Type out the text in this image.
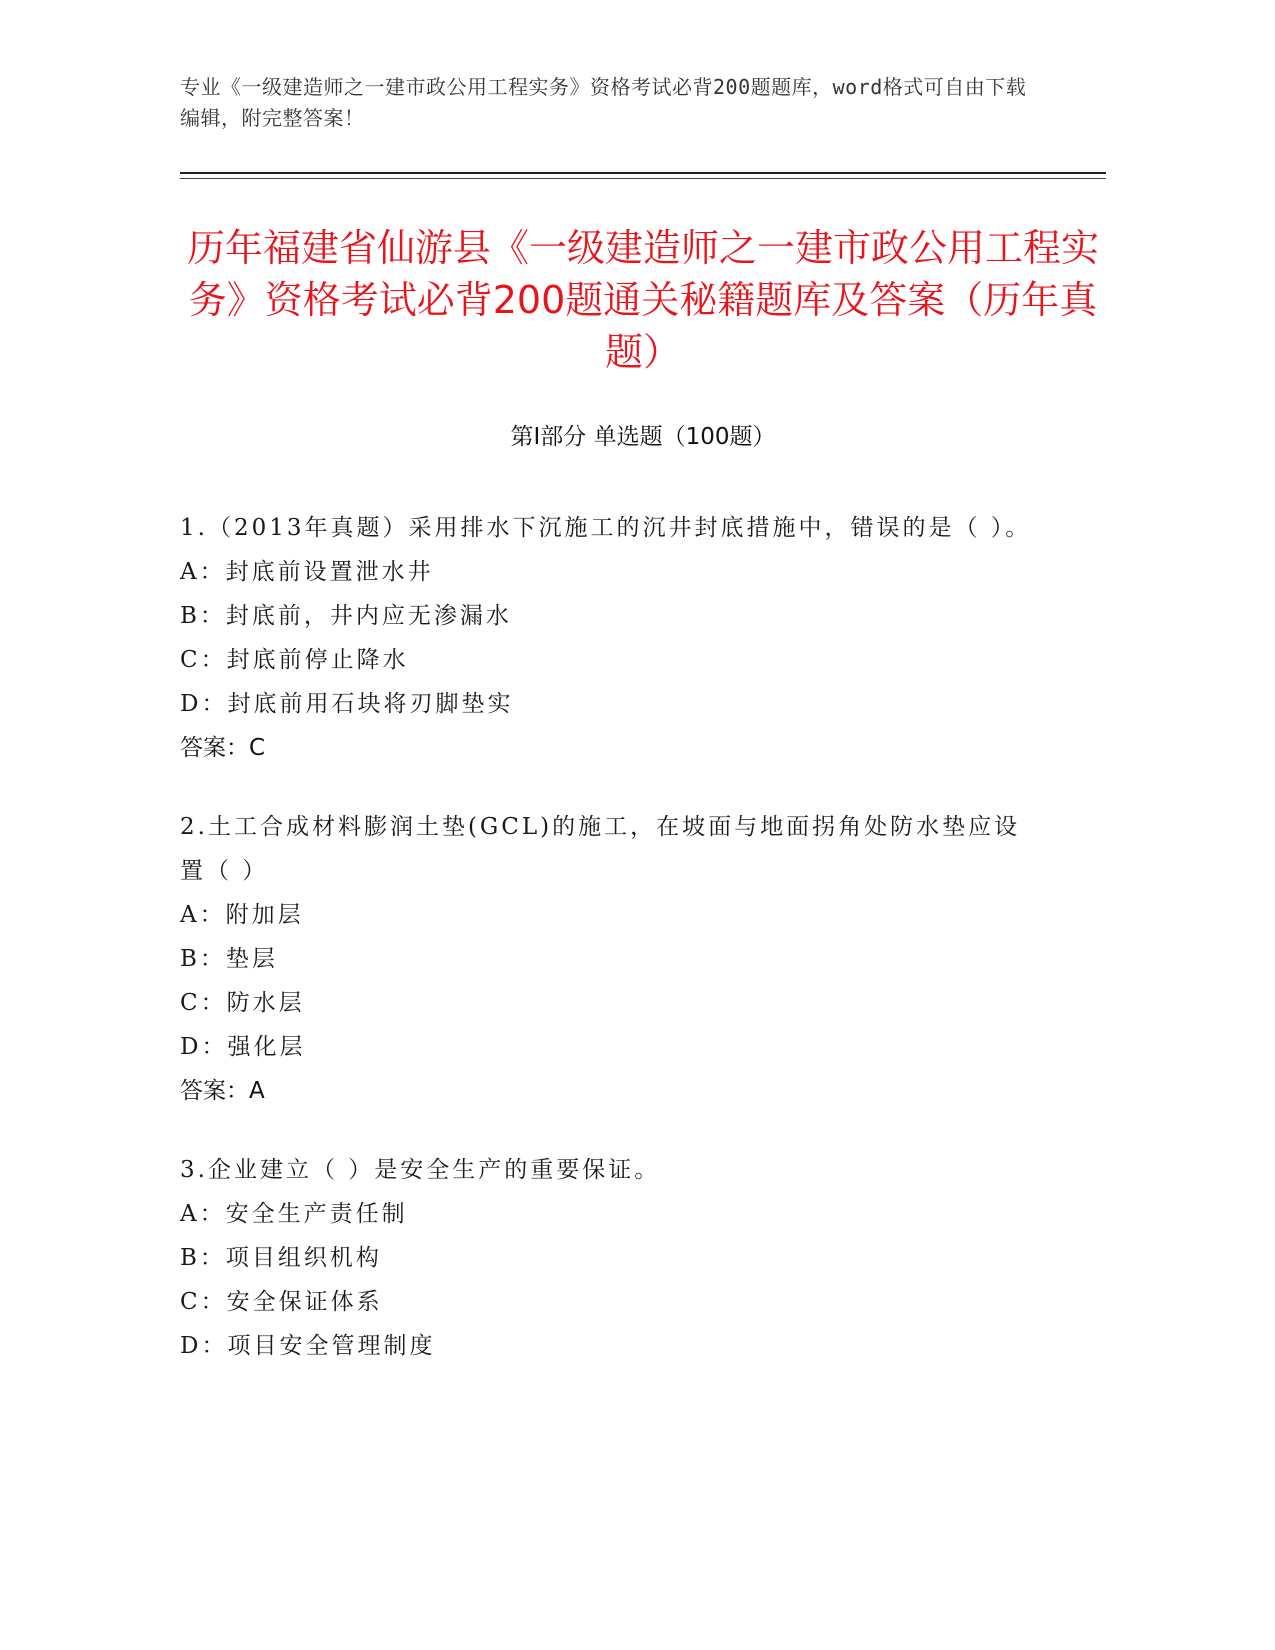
专业《一级建造师之一建市政公用工程实务》资格考试必背200题题库，word格式可自由下载编辑，附完整答案！
历年福建省仙游县《一级建造师之一建市政公用工程实务》资格考试必背200题通关秘籍题库及答案（历年真题）
第Ⅰ部分 单选题（100题）

1.（2013年真题）采用排水下沉施工的沉井封底措施中，错误的是（ ）。

A：封底前设置泄水井

B：封底前，井内应无渗漏水

C：封底前停止降水

D：封底前用石块将刃脚垫实

答案：C

2.土工合成材料膨润土垫(GCL)的施工，在坡面与地面拐角处防水垫应设置（ ）

A：附加层

B：垫层

C：防水层

D：强化层

答案：A

3.企业建立（ ）是安全生产的重要保证。

A：安全生产责任制

B：项目组织机构

C：安全保证体系

D：项目安全管理制度
